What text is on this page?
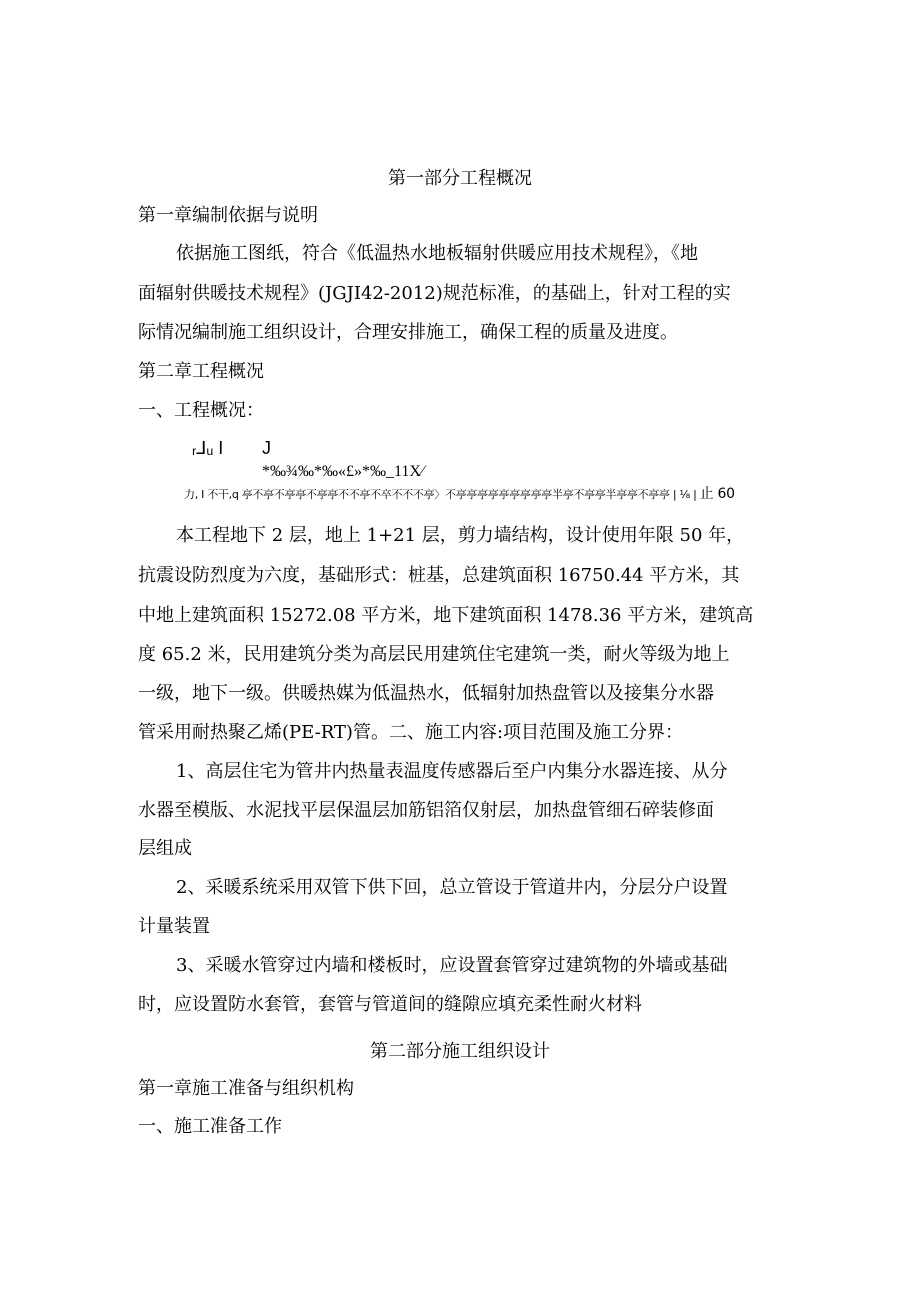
第一部分工程概况
第一章编制依据与说明
依据施工图纸，符合《低温热水地板辐射供暖应用技术规程》，《地
面辐射供暖技术规程》(JGJI42-2012)规范标准，的基础上，针对工程的实
际情况编制施工组织设计，合理安排施工，确保工程的质量及进度。
第二章工程概况
一、工程概况：
ᵣ⅃ᵤ I J
*‰¾‰*‰«£»*‰_11X⁄
力, I 不干,q 亭不亭不亭亭不亭亭不不亭不卒不不不亭〉不亭亭亭亭亭亭亭亭亭半亭不亭亭半亭亭不亭亭 | ⅛ | 止 60
本工程地下 2 层，地上 1+21 层，剪力墙结构，设计使用年限 50 年，
抗震设防烈度为六度，基础形式：桩基，总建筑面积 16750.44 平方米，其
中地上建筑面积 15272.08 平方米，地下建筑面积 1478.36 平方米，建筑高
度 65.2 米，民用建筑分类为高层民用建筑住宅建筑一类，耐火等级为地上
一级，地下一级。供暖热媒为低温热水，低辐射加热盘管以及接集分水器
管采用耐热聚乙烯(PE-RT)管。二、施工内容:项目范围及施工分界：
1、高层住宅为管井内热量表温度传感器后至户内集分水器连接、从分
水器至模版、水泥找平层保温层加筋铝箔仅射层，加热盘管细石碎装修面
层组成
2、采暖系统采用双管下供下回，总立管设于管道井内，分层分户设置
计量装置
3、采暖水管穿过内墙和楼板时，应设置套管穿过建筑物的外墙或基础
时，应设置防水套管，套管与管道间的缝隙应填充柔性耐火材料
第二部分施工组织设计
第一章施工准备与组织机构
一、施工准备工作
